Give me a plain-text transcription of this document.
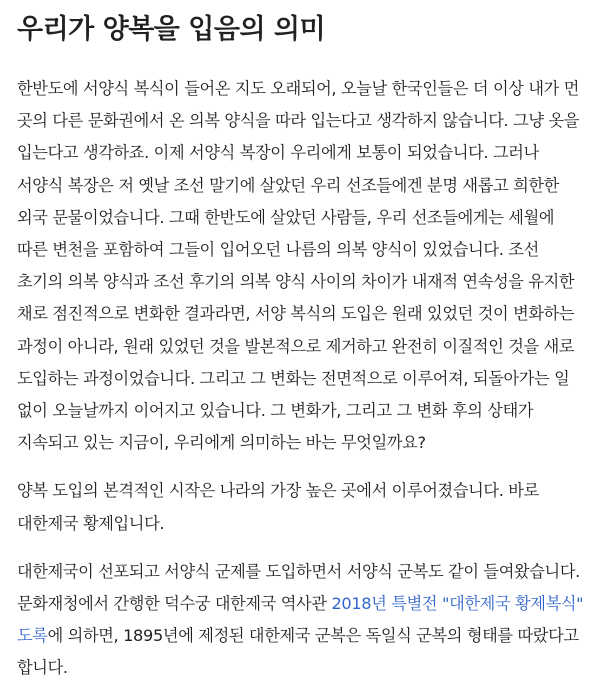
우리가 양복을 입음의 의미

한반도에 서양식 복식이 들어온 지도 오래되어, 오늘날 한국인들은 더 이상 내가 먼 곳의 다른 문화권에서 온 의복 양식을 따라 입는다고 생각하지 않습니다. 그냥 옷을 입는다고 생각하죠. 이제 서양식 복장이 우리에게 보통이 되었습니다. 그러나 서양식 복장은 저 옛날 조선 말기에 살았던 우리 선조들에겐 분명 새롭고 희한한 외국 문물이었습니다. 그때 한반도에 살았던 사람들, 우리 선조들에게는 세월에 따른 변천을 포함하여 그들이 입어오던 나름의 의복 양식이 있었습니다. 조선 초기의 의복 양식과 조선 후기의 의복 양식 사이의 차이가 내재적 연속성을 유지한 채로 점진적으로 변화한 결과라면, 서양 복식의 도입은 원래 있었던 것이 변화하는 과정이 아니라, 원래 있었던 것을 발본적으로 제거하고 완전히 이질적인 것을 새로 도입하는 과정이었습니다. 그리고 그 변화는 전면적으로 이루어져, 되돌아가는 일 없이 오늘날까지 이어지고 있습니다. 그 변화가, 그리고 그 변화 후의 상태가 지속되고 있는 지금이, 우리에게 의미하는 바는 무엇일까요?

양복 도입의 본격적인 시작은 나라의 가장 높은 곳에서 이루어졌습니다. 바로 대한제국 황제입니다.

대한제국이 선포되고 서양식 군제를 도입하면서 서양식 군복도 같이 들여왔습니다. 문화재청에서 간행한 덕수궁 대한제국 역사관 2018년 특별전 "대한제국 황제복식" 도록에 의하면, 1895년에 제정된 대한제국 군복은 독일식 군복의 형태를 따랐다고 합니다.
